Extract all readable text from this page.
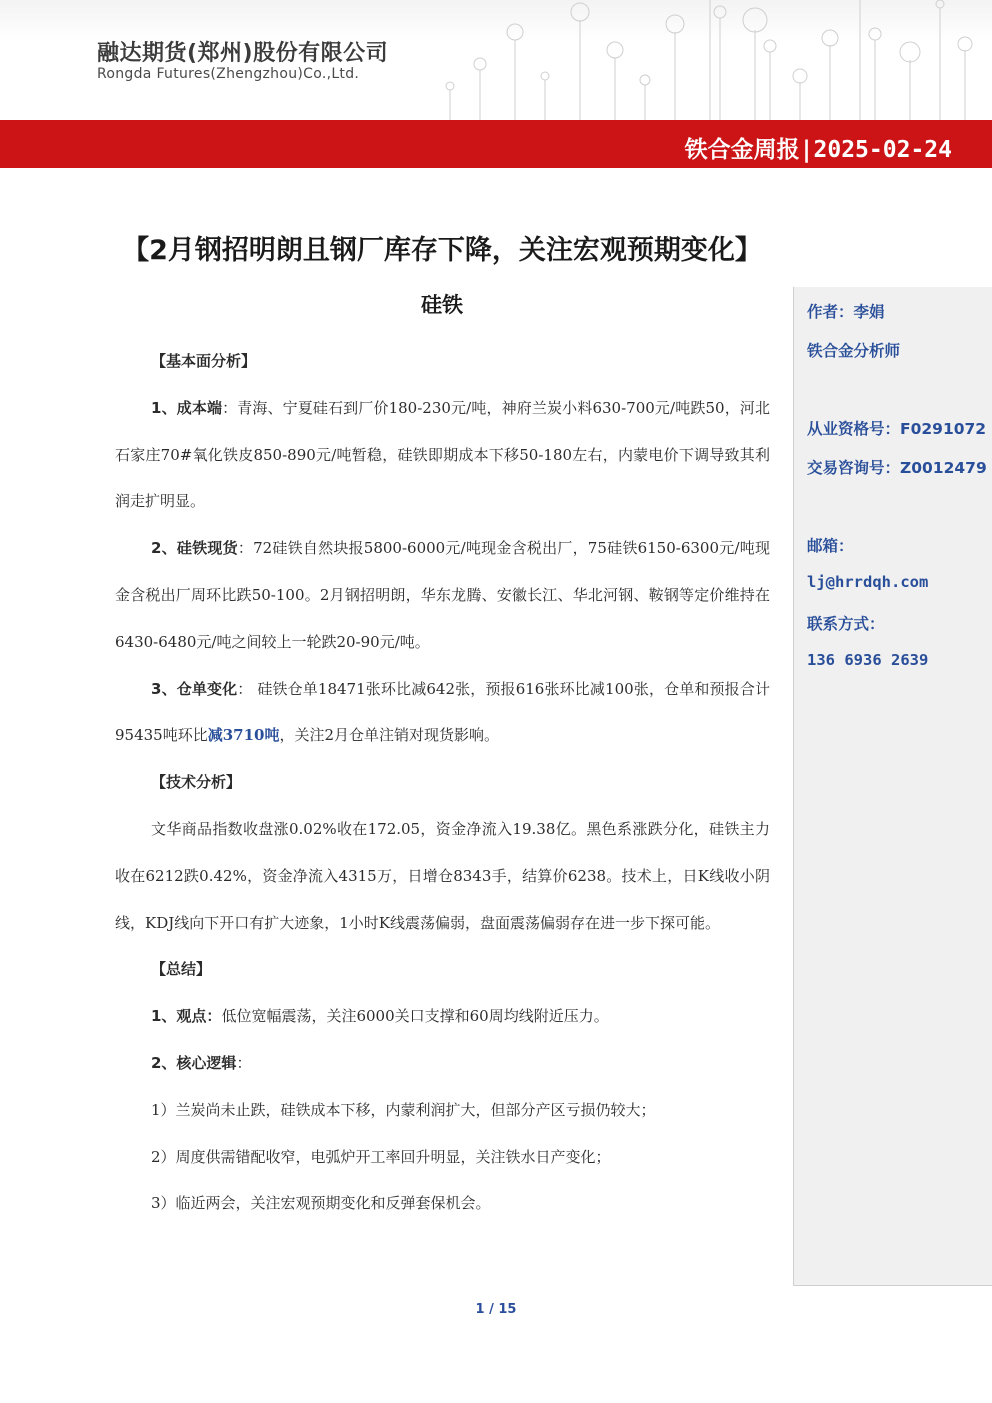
融达期货(郑州)股份有限公司
Rongda Futures(Zhengzhou)Co.,Ltd.
铁合金周报|2025-02-24
【2月钢招明朗且钢厂库存下降，关注宏观预期变化】
硅铁

【基本面分析】

1、成本端：青海、宁夏硅石到厂价180-230元/吨，神府兰炭小料630-700元/吨跌50，河北石家庄70#氧化铁皮850-890元/吨暂稳，硅铁即期成本下移50-180左右，内蒙电价下调导致其利润走扩明显。

2、硅铁现货：72硅铁自然块报5800-6000元/吨现金含税出厂，75硅铁6150-6300元/吨现金含税出厂周环比跌50-100。2月钢招明朗，华东龙腾、安徽长江、华北河钢、鞍钢等定价维持在6430-6480元/吨之间较上一轮跌20-90元/吨。

3、仓单变化： 硅铁仓单18471张环比减642张，预报616张环比减100张，仓单和预报合计95435吨环比减3710吨，关注2月仓单注销对现货影响。

【技术分析】

文华商品指数收盘涨0.02%收在172.05，资金净流入19.38亿。黑色系涨跌分化，硅铁主力收在6212跌0.42%，资金净流入4315万，日增仓8343手，结算价6238。技术上，日K线收小阴线，KDJ线向下开口有扩大迹象，1小时K线震荡偏弱，盘面震荡偏弱存在进一步下探可能。

【总结】

1、观点：低位宽幅震荡，关注6000关口支撑和60周均线附近压力。

2、核心逻辑：

1）兰炭尚未止跌，硅铁成本下移，内蒙利润扩大，但部分产区亏损仍较大；

2）周度供需错配收窄，电弧炉开工率回升明显，关注铁水日产变化；

3）临近两会，关注宏观预期变化和反弹套保机会。

作者：李娟
铁合金分析师
从业资格号：F0291072
交易咨询号：Z0012479
邮箱：
lj@hrrdqh.com
联系方式：
136 6936 2639
1 / 15
